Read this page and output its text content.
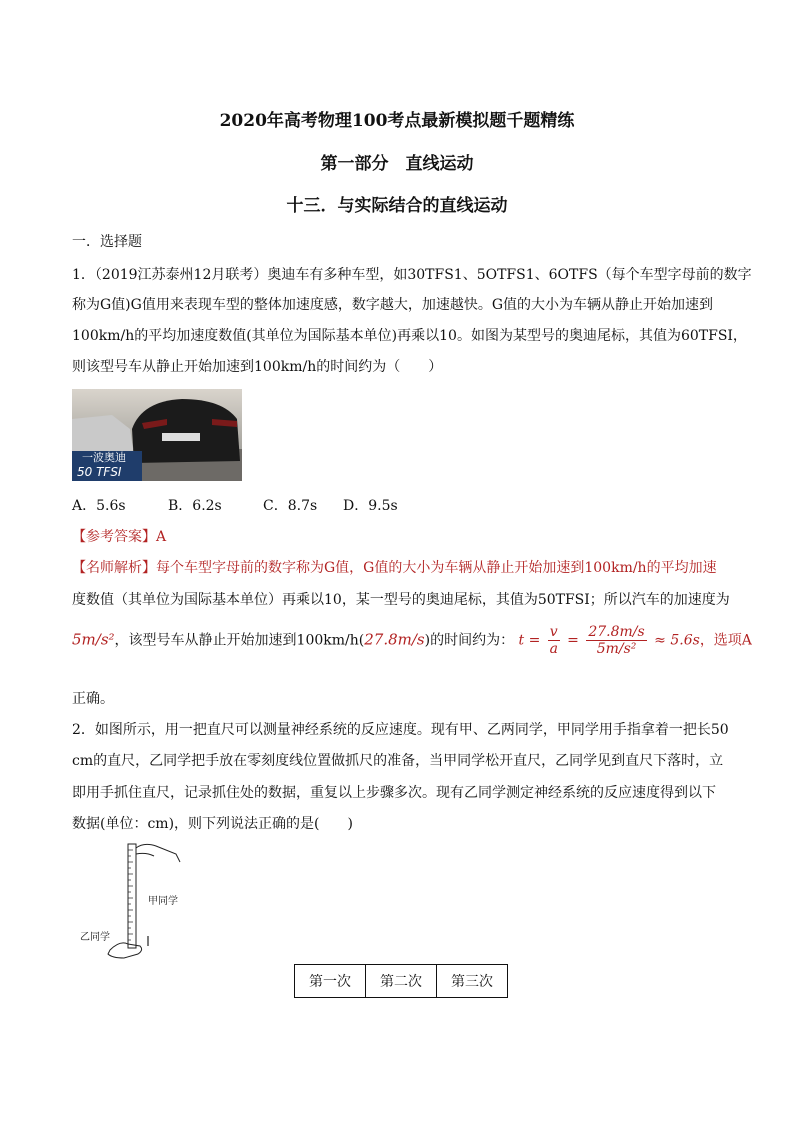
2020年高考物理100考点最新模拟题千题精练
第一部分　直线运动
十三．与实际结合的直线运动
一．选择题
1．（2019江苏泰州12月联考）奥迪车有多种车型，如30TFS1、5OTFS1、6OTFS（每个车型字母前的数字
称为G值)G值用来表现车型的整体加速度感，数字越大，加速越快。G值的大小为车辆从静止开始加速到
100km/h的平均加速度数值(其单位为国际基本单位)再乘以10。如图为某型号的奥迪尾标，其值为60TFSI，
则该型号车从静止开始加速到100km/h的时间约为（　　）
一波奥迪
50 TFSI
A．5.6s	B．6.2s	C．8.7s D．9.5s
【参考答案】A
【名师解析】每个车型字母前的数字称为G值，G值的大小为车辆从静止开始加速到100km/h的平均加速
度数值（其单位为国际基本单位）再乘以10，某一型号的奥迪尾标，其值为50TFSI；所以汽车的加速度为
5m/s²，该型号车从静止开始加速到100km/h(27.8m/s)的时间约为： $t = \frac{v}{a} = \frac{27.8m/s}{\text{5m/s²}} \approx 5.6s$，选项A
正确。
2．如图所示，用一把直尺可以测量神经系统的反应速度。现有甲、乙两同学，甲同学用手指拿着一把长50
cm的直尺，乙同学把手放在零刻度线位置做抓尺的准备，当甲同学松开直尺，乙同学见到直尺下落时，立
即用手抓住直尺，记录抓住处的数据，重复以上步骤多次。现有乙同学测定神经系统的反应速度得到以下
数据(单位：cm)，则下列说法正确的是(　　)
甲同学
乙同学
第一次	第二次	第三次
